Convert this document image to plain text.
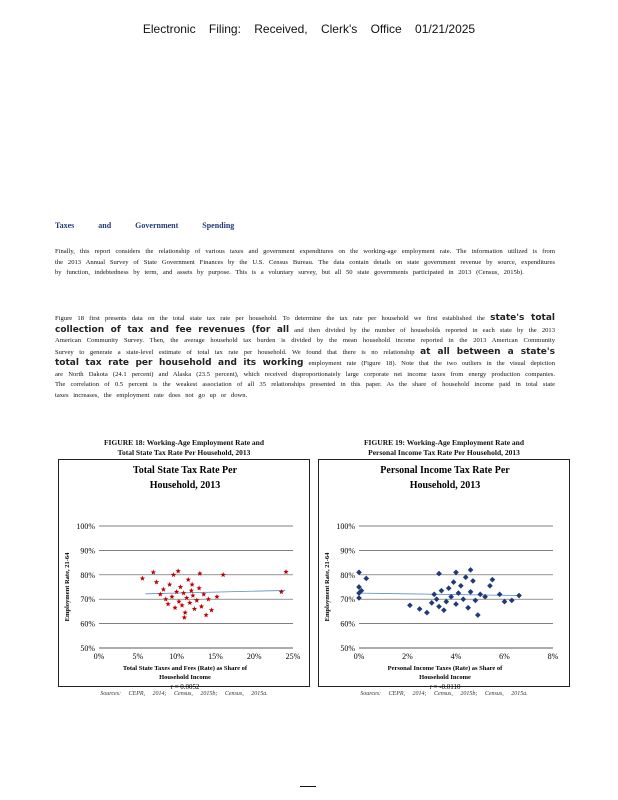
Electronic Filing: Received, Clerk's Office 01/21/2025
Taxes and Government Spending
Finally, this report considers the relationship of various taxes and government expenditures on the working-age employment rate. The information utilized is from the 2013 Annual Survey of State Government Finances by the U.S. Census Bureau. The data contain details on state government revenue by source, expenditures by function, indebtedness by term, and assets by purpose. This is a voluntary survey, but all 50 state governments participated in 2013 (Census, 2015b).
Figure 18 first presents data on the total state tax rate per household. To determine the tax rate per household we first established the state's total collection of tax and fee revenues (for all and then divided by the number of households reported in each state by the 2013 American Community Survey. Then, the average household tax burden is divided by the mean household income reported in the 2013 American Community Survey to generate a state-level estimate of total tax rate per household. We found that there is no relationship at all between a state's total tax rate per household and its working employment rate (Figure 18). Note that the two outliers in the visual depiction are North Dakota (24.1 percent) and Alaska (23.5 percent), which received disproportionately large corporate net income taxes from energy production companies. The correlation of 0.5 percent is the weakest association of all 35 relationships presented in this paper. As the share of household income paid in total state taxes increases, the employment rate does not go up or down.
FIGURE 18: Working-Age Employment Rate and
Total State Tax Rate Per Household, 2013
Total State Tax Rate Per
Household, 2013
50%
60%
70%
80%
90%
100%
0%	5%	10%	15%	20%	25%
Employment Rate, 21-64
Total State Taxes and Fees (Rate) as Share of
Household Income
r = 0.0052
Sources: CEPR, 2014; Census, 2015b; Census, 2015a.
FIGURE 19: Working-Age Employment Rate and
Personal Income Tax Rate Per Household, 2013
Personal Income Tax Rate Per
Household, 2013
50%
60%
70%
80%
90%
100%
0%	2%	4%	6%	8%
Employment Rate, 21-64
Personal Income Taxes (Rate) as Share of
Household Income
r = -0.0110
Sources: CEPR, 2014; Census, 2015b; Census, 2015a.
